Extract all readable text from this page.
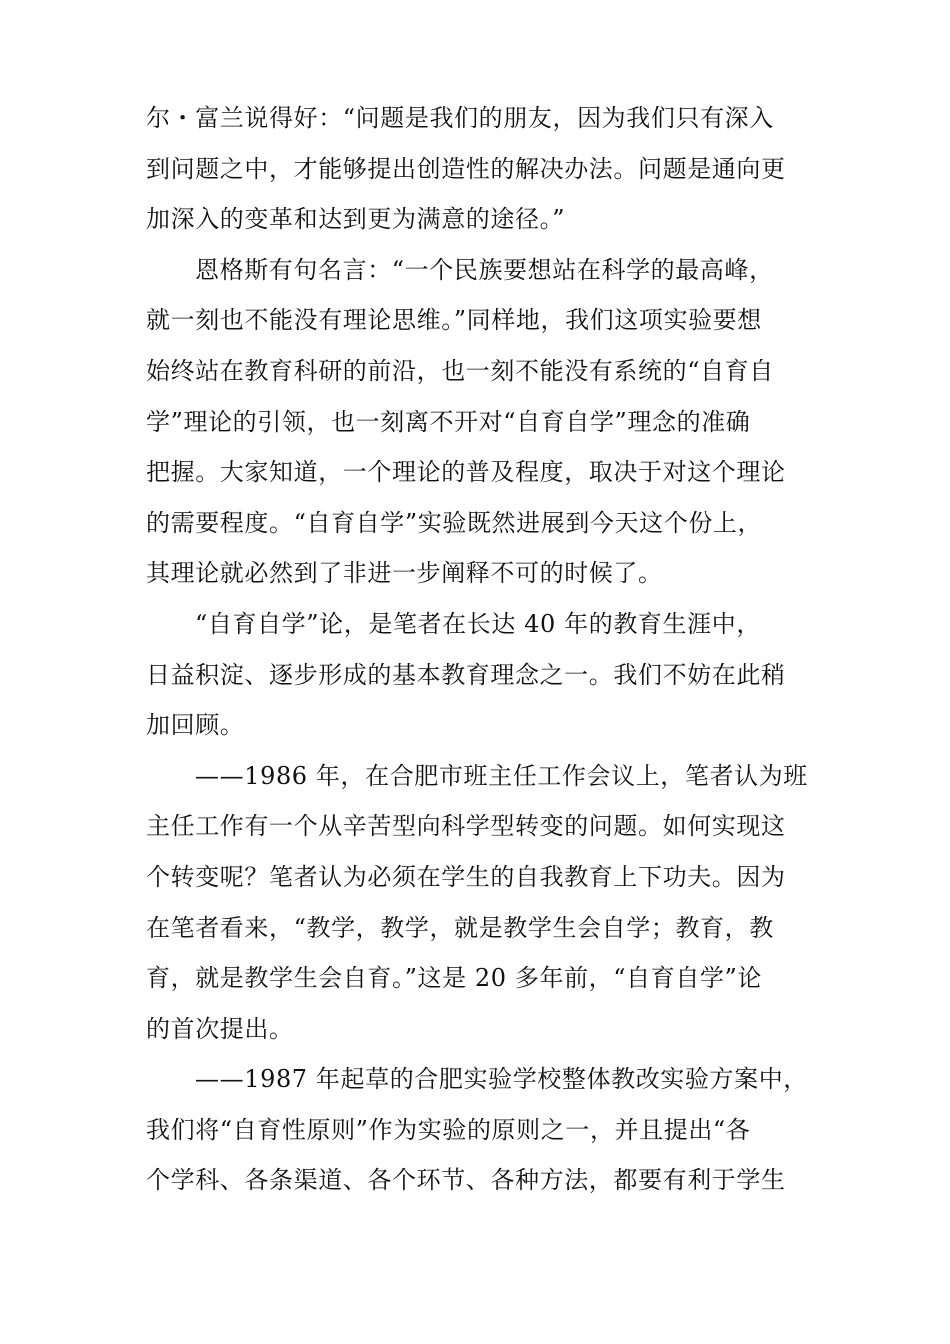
尔・富兰说得好：“问题是我们的朋友，因为我们只有深入
到问题之中，才能够提出创造性的解决办法。问题是通向更
加深入的变革和达到更为满意的途径。”
恩格斯有句名言：“一个民族要想站在科学的最高峰，
就一刻也不能没有理论思维。”同样地，我们这项实验要想
始终站在教育科研的前沿，也一刻不能没有系统的“自育自
学”理论的引领，也一刻离不开对“自育自学”理念的准确
把握。大家知道，一个理论的普及程度，取决于对这个理论
的需要程度。“自育自学”实验既然进展到今天这个份上，
其理论就必然到了非进一步阐释不可的时候了。
“自育自学”论，是笔者在长达 40 年的教育生涯中，
日益积淀、逐步形成的基本教育理念之一。我们不妨在此稍
加回顾。
——1986 年，在合肥市班主任工作会议上，笔者认为班
主任工作有一个从辛苦型向科学型转变的问题。如何实现这
个转变呢？笔者认为必须在学生的自我教育上下功夫。因为
在笔者看来，“教学，教学，就是教学生会自学；教育，教
育，就是教学生会自育。”这是 20 多年前，“自育自学”论
的首次提出。
——1987 年起草的合肥实验学校整体教改实验方案中，
我们将“自育性原则”作为实验的原则之一，并且提出“各
个学科、各条渠道、各个环节、各种方法，都要有利于学生
